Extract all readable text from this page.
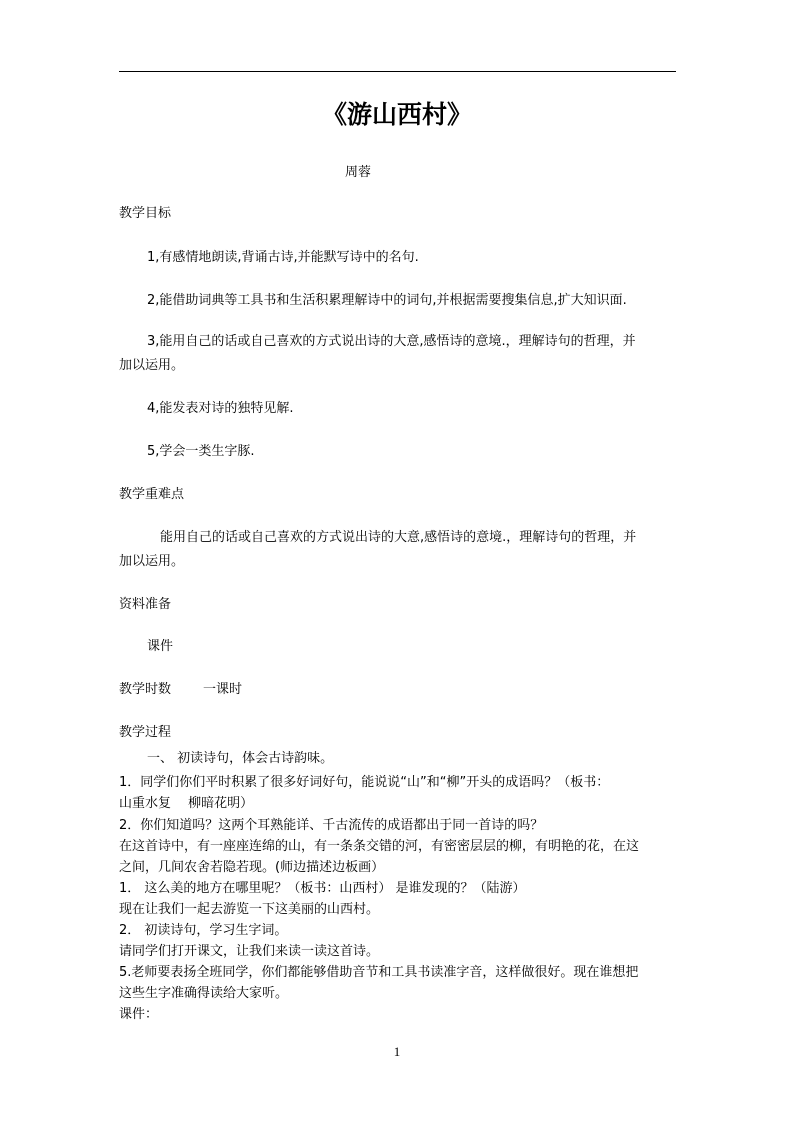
《游山西村》

周蓉

教学目标

1,有感情地朗读,背诵古诗,并能默写诗中的名句.

2,能借助词典等工具书和生活积累理解诗中的词句,并根据需要搜集信息,扩大知识面.

3,能用自己的话或自己喜欢的方式说出诗的大意,感悟诗的意境.，理解诗句的哲理，并

加以运用。

4,能发表对诗的独特见解.

5,学会一类生字豚.

教学重难点

能用自己的话或自己喜欢的方式说出诗的大意,感悟诗的意境.，理解诗句的哲理，并

加以运用。

资料准备

课件

教学时数 一课时

教学过程

一、 初读诗句，体会古诗韵味。

1．同学们你们平时积累了很多好词好句，能说说“山”和“柳”开头的成语吗？（板书：

山重水复　 柳暗花明）

2．你们知道吗？这两个耳熟能详、千古流传的成语都出于同一首诗的吗？

在这首诗中，有一座座连绵的山，有一条条交错的河，有密密层层的柳，有明艳的花，在这

之间，几间农舍若隐若现。(师边描述边板画）

1． 这么美的地方在哪里呢？（板书：山西村） 是谁发现的？（陆游）

现在让我们一起去游览一下这美丽的山西村。

2． 初读诗句，学习生字词。

请同学们打开课文，让我们来读一读这首诗。

5.老师要表扬全班同学，你们都能够借助音节和工具书读准字音，这样做很好。现在谁想把

这些生字准确得读给大家听。

课件：

1
